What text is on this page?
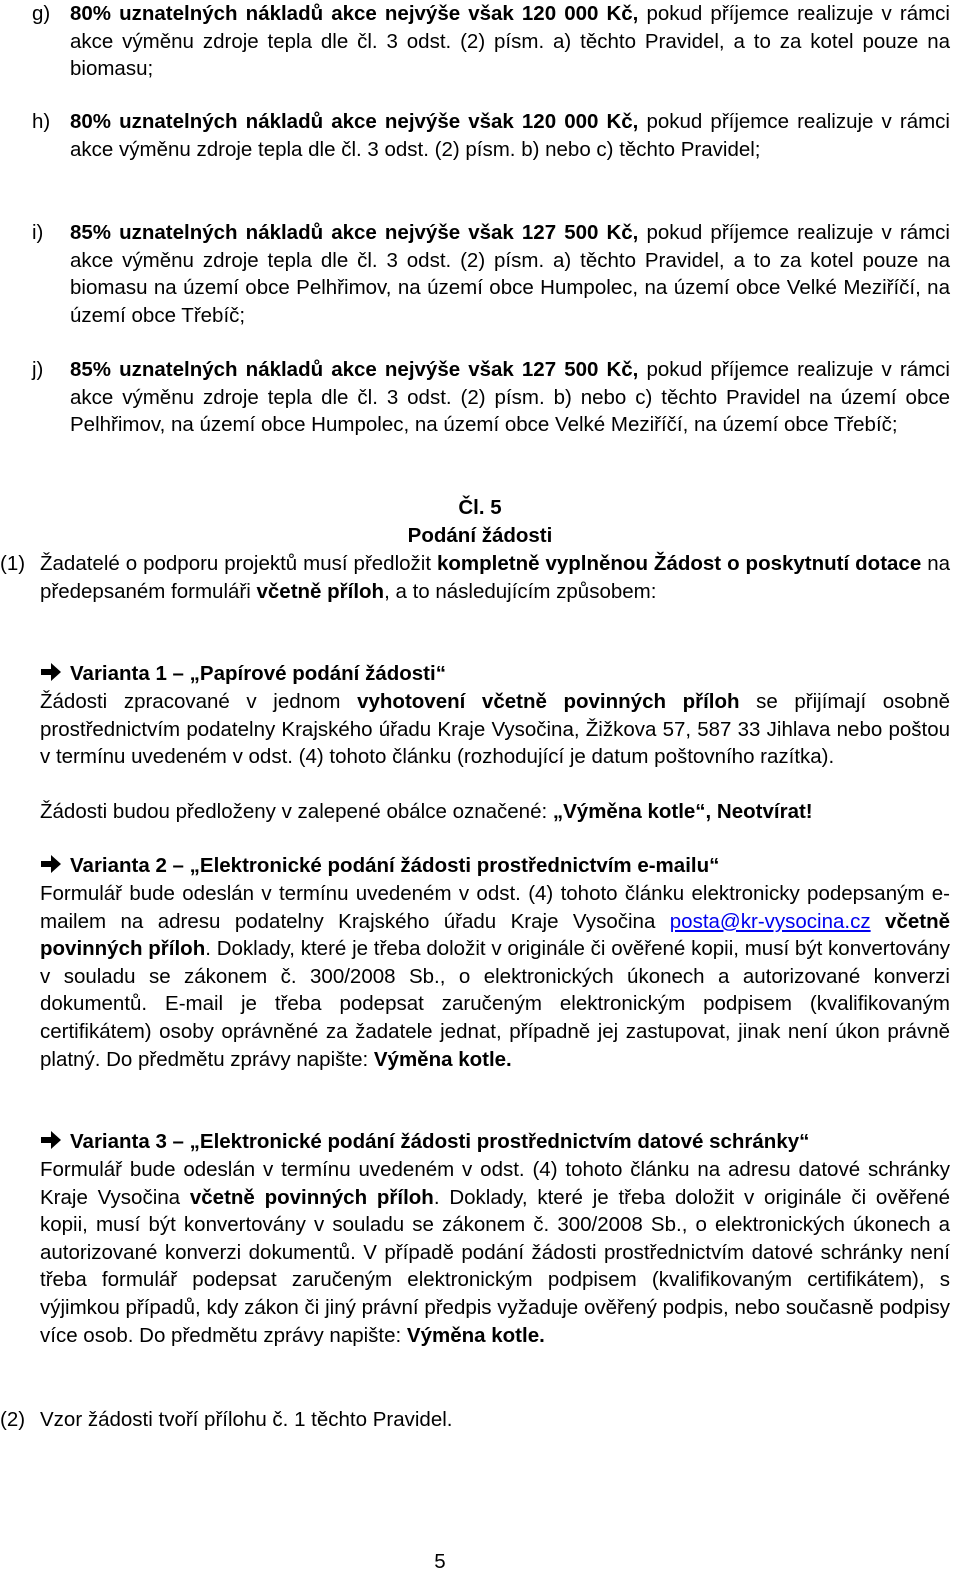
g) 80% uznatelných nákladů akce nejvýše však 120 000 Kč, pokud příjemce realizuje v rámci akce výměnu zdroje tepla dle čl. 3 odst. (2) písm. a) těchto Pravidel, a to za kotel pouze na biomasu;
h) 80% uznatelných nákladů akce nejvýše však 120 000 Kč, pokud příjemce realizuje v rámci akce výměnu zdroje tepla dle čl. 3 odst. (2) písm. b) nebo c) těchto Pravidel;
i)	85% uznatelných nákladů akce nejvýše však 127 500 Kč, pokud příjemce realizuje v rámci akce výměnu zdroje tepla dle čl. 3 odst. (2) písm. a) těchto Pravidel, a to za kotel pouze na biomasu na území obce Pelhřimov, na území obce Humpolec, na území obce Velké Meziříčí, na území obce Třebíč;
j)	85% uznatelných nákladů akce nejvýše však 127 500 Kč, pokud příjemce realizuje v rámci akce výměnu zdroje tepla dle čl. 3 odst. (2) písm. b) nebo c) těchto Pravidel na území obce Pelhřimov, na území obce Humpolec, na území obce Velké Meziříčí, na území obce Třebíč;
Čl. 5
Podání žádosti
(1) Žadatelé o podporu projektů musí předložit kompletně vyplněnou Žádost o poskytnutí dotace na předepsaném formuláři včetně příloh, a to následujícím způsobem:
Varianta 1 – „Papírové podání žádosti“
Žádosti zpracované v jednom vyhotovení včetně povinných příloh se přijímají osobně prostřednictvím podatelny Krajského úřadu Kraje Vysočina, Žižkova 57, 587 33 Jihlava nebo poštou v termínu uvedeném v odst. (4) tohoto článku (rozhodující je datum poštovního razítka).
Žádosti budou předloženy v zalepené obálce označené: „Výměna kotle“, Neotvírat!
Varianta 2 – „Elektronické podání žádosti prostřednictvím e-mailu“
Formulář bude odeslán v termínu uvedeném v odst. (4) tohoto článku elektronicky podepsaným e-mailem na adresu podatelny Krajského úřadu Kraje Vysočina posta@kr-vysocina.cz včetně povinných příloh. Doklady, které je třeba doložit v originále či ověřené kopii, musí být konvertovány v souladu se zákonem č. 300/2008 Sb., o elektronických úkonech a autorizované konverzi dokumentů. E-mail je třeba podepsat zaručeným elektronickým podpisem (kvalifikovaným certifikátem) osoby oprávněné za žadatele jednat, případně jej zastupovat, jinak není úkon právně platný. Do předmětu zprávy napište: Výměna kotle.
Varianta 3 – „Elektronické podání žádosti prostřednictvím datové schránky“
Formulář bude odeslán v termínu uvedeném v odst. (4) tohoto článku na adresu datové schránky Kraje Vysočina včetně povinných příloh. Doklady, které je třeba doložit v originále či ověřené kopii, musí být konvertovány v souladu se zákonem č. 300/2008 Sb., o elektronických úkonech a autorizované konverzi dokumentů. V případě podání žádosti prostřednictvím datové schránky není třeba formulář podepsat zaručeným elektronickým podpisem (kvalifikovaným certifikátem), s výjimkou případů, kdy zákon či jiný právní předpis vyžaduje ověřený podpis, nebo současně podpisy více osob. Do předmětu zprávy napište: Výměna kotle.
(2) Vzor žádosti tvoří přílohu č. 1 těchto Pravidel.
5
